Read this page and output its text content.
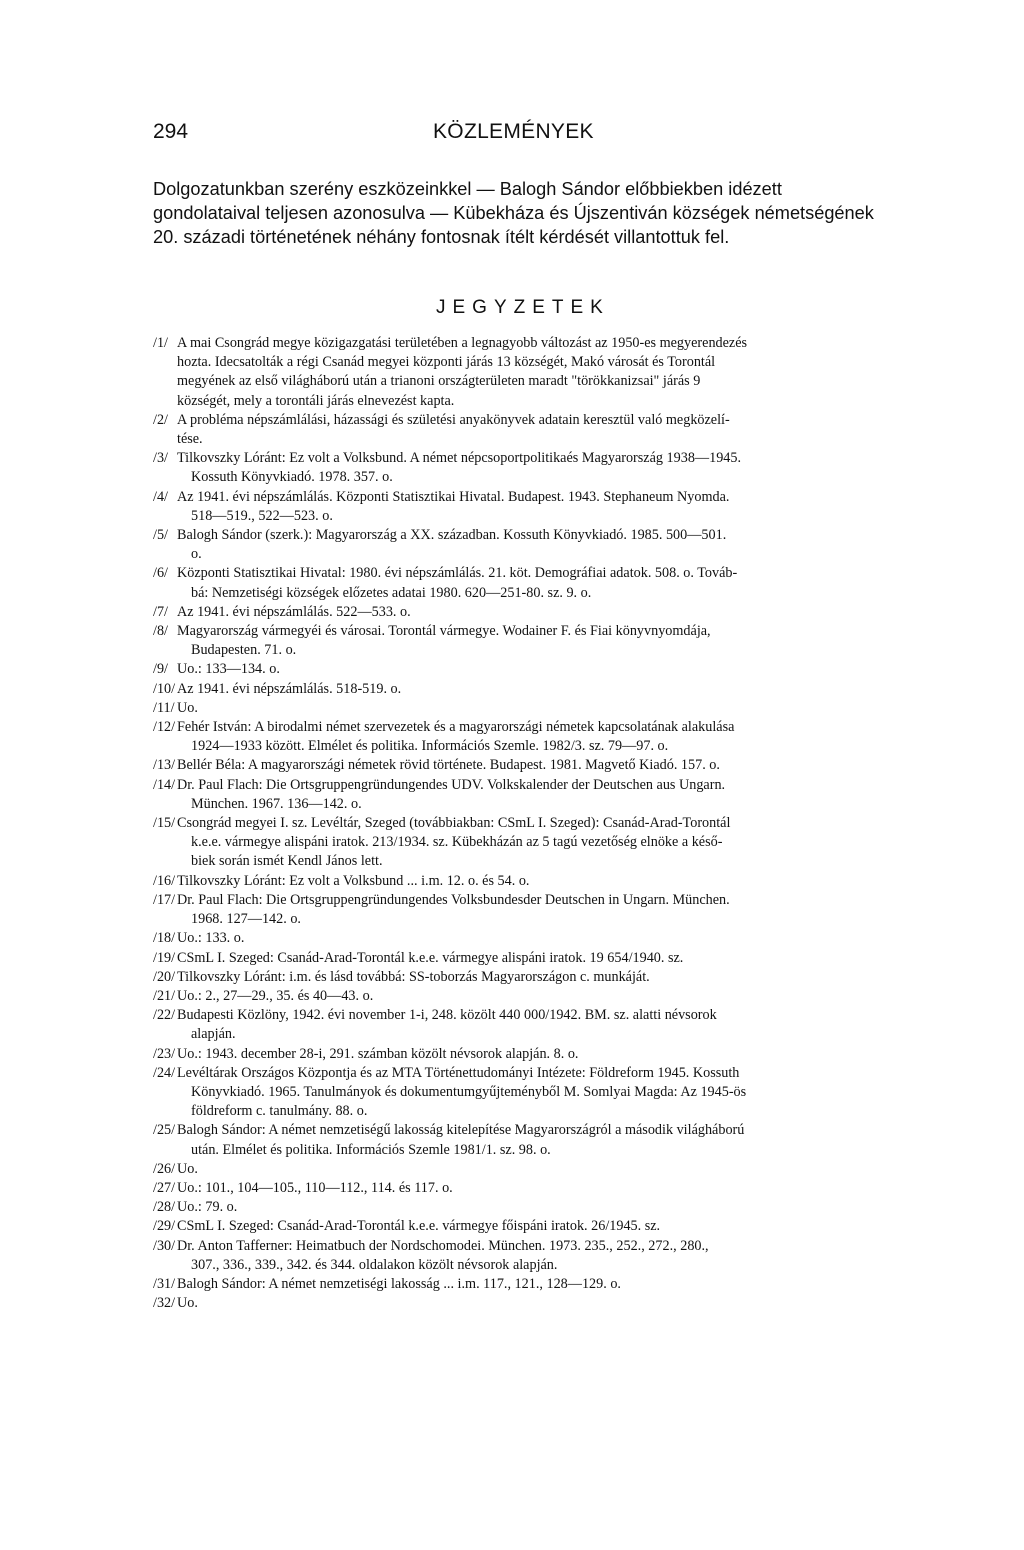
294	KÖZLEMÉNYEK
Dolgozatunkban szerény eszközeinkkel — Balogh Sándor előbbiekben idézett
gondolataival teljesen azonosulva — Kübekháza és Újszentiván községek németségének
20. századi történetének néhány fontosnak ítélt kérdését villantottuk fel.
JEGYZETEK
/1/ A mai Csongrád megye közigazgatási területében a legnagyobb változást az 1950-es megyerendezés
hozta. Idecsatolták a régi Csanád megyei központi járás 13 községét, Makó városát és Torontál
megyének az első világháború után a trianoni országterületen maradt "törökkanizsai" járás 9
községét, mely a torontáli járás elnevezést kapta.
/2/ A probléma népszámlálási, házassági és születési anyakönyvek adatain keresztül való megközelí-
tése.
/3/ Tilkovszky Lóránt: Ez volt a Volksbund. A német népcsoportpolitikaés Magyarország 1938—1945.
Kossuth Könyvkiadó. 1978. 357. o.
/4/ Az 1941. évi népszámlálás. Központi Statisztikai Hivatal. Budapest. 1943. Stephaneum Nyomda.
518—519., 522—523. o.
/5/ Balogh Sándor (szerk.): Magyarország a XX. században. Kossuth Könyvkiadó. 1985. 500—501.
o.
/6/ Központi Statisztikai Hivatal: 1980. évi népszámlálás. 21. köt. Demográfiai adatok. 508. o. Továb-
bá: Nemzetiségi községek előzetes adatai 1980. 620—251-80. sz. 9. o.
/7/ Az 1941. évi népszámlálás. 522—533. o.
/8/ Magyarország vármegyéi és városai. Torontál vármegye. Wodainer F. és Fiai könyvnyomdája,
Budapesten. 71. o.
/9/ Uo.: 133—134. o.
/10/ Az 1941. évi népszámlálás. 518-519. o.
/11/ Uo.
/12/ Fehér István: A birodalmi német szervezetek és a magyarországi németek kapcsolatának alakulása
1924—1933 között. Elmélet és politika. Információs Szemle. 1982/3. sz. 79—97. o.
/13/ Bellér Béla: A magyarországi németek rövid története. Budapest. 1981. Magvető Kiadó. 157. o.
/14/ Dr. Paul Flach: Die Ortsgruppengründungendes UDV. Volkskalender der Deutschen aus Ungarn.
München. 1967. 136—142. o.
/15/ Csongrád megyei I. sz. Levéltár, Szeged (továbbiakban: CSmL I. Szeged): Csanád-Arad-Torontál
k.e.e. vármegye alispáni iratok. 213/1934. sz. Kübekházán az 5 tagú vezetőség elnöke a késő-
biek során ismét Kendl János lett.
/16/ Tilkovszky Lóránt: Ez volt a Volksbund ... i.m. 12. o. és 54. o.
/17/ Dr. Paul Flach: Die Ortsgruppengründungendes Volksbundesder Deutschen in Ungarn. München.
1968. 127—142. o.
/18/ Uo.: 133. o.
/19/ CSmL I. Szeged: Csanád-Arad-Torontál k.e.e. vármegye alispáni iratok. 19 654/1940. sz.
/20/ Tilkovszky Lóránt: i.m. és lásd továbbá: SS-toborzás Magyarországon c. munkáját.
/21/ Uo.: 2., 27—29., 35. és 40—43. o.
/22/ Budapesti Közlöny, 1942. évi november 1-i, 248. közölt 440 000/1942. BM. sz. alatti névsorok
alapján.
/23/ Uo.: 1943. december 28-i, 291. számban közölt névsorok alapján. 8. o.
/24/ Levéltárak Országos Központja és az MTA Történettudományi Intézete: Földreform 1945. Kossuth
Könyvkiadó. 1965. Tanulmányok és dokumentumgyűjteményből M. Somlyai Magda: Az 1945-ös
földreform c. tanulmány. 88. o.
/25/ Balogh Sándor: A német nemzetiségű lakosság kitelepítése Magyarországról a második világháború
után. Elmélet és politika. Információs Szemle 1981/1. sz. 98. o.
/26/ Uo.
/27/ Uo.: 101., 104—105., 110—112., 114. és 117. o.
/28/ Uo.: 79. o.
/29/ CSmL I. Szeged: Csanád-Arad-Torontál k.e.e. vármegye főispáni iratok. 26/1945. sz.
/30/ Dr. Anton Tafferner: Heimatbuch der Nordschomodei. München. 1973. 235., 252., 272., 280.,
307., 336., 339., 342. és 344. oldalakon közölt névsorok alapján.
/31/ Balogh Sándor: A német nemzetiségi lakosság ... i.m. 117., 121., 128—129. o.
/32/ Uo.
